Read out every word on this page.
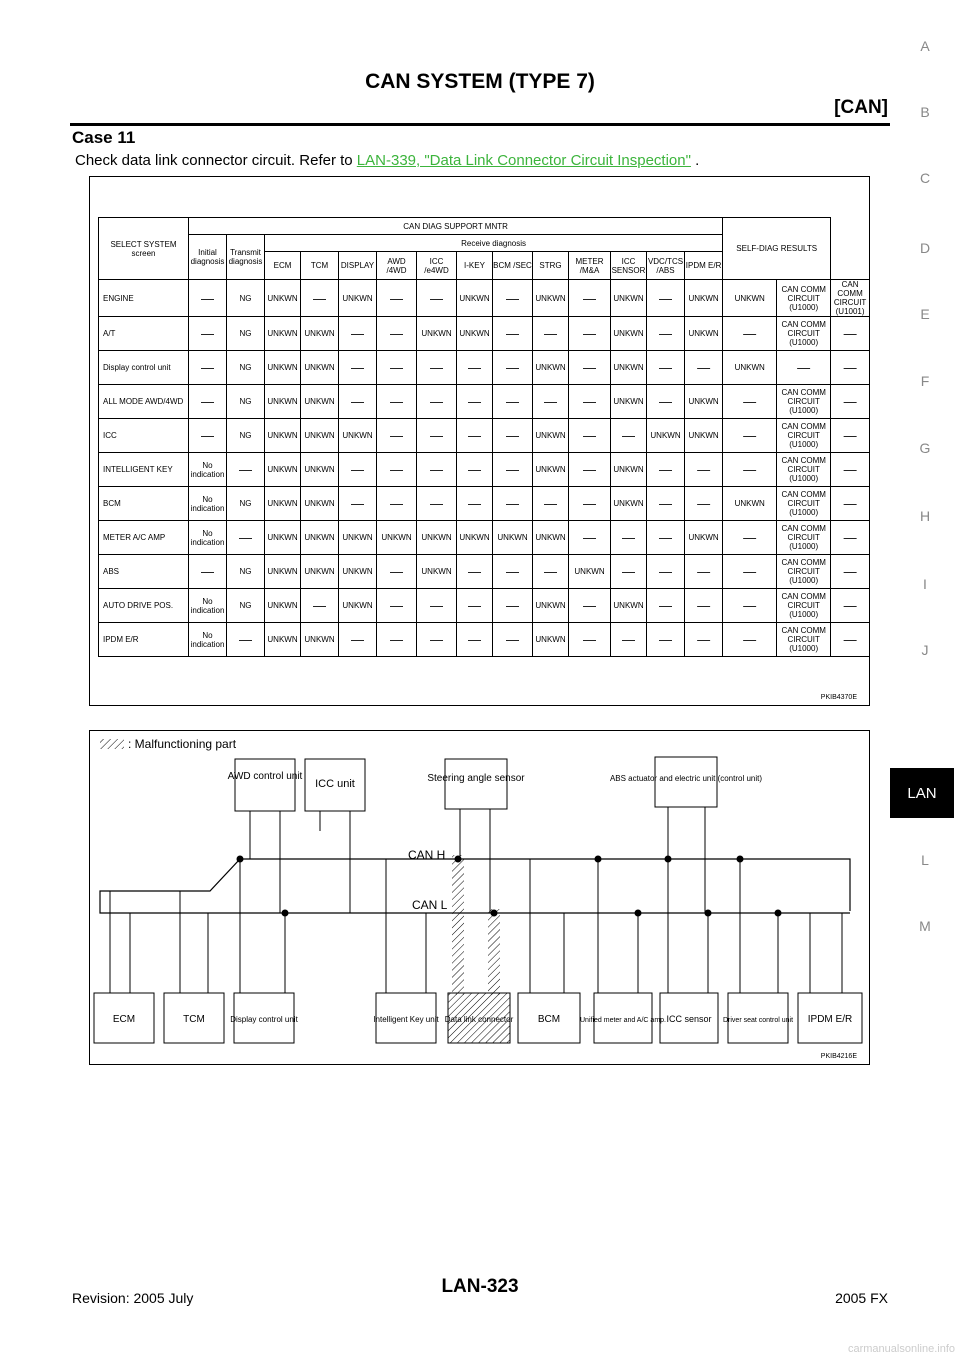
CAN SYSTEM (TYPE 7)
[CAN]
Case 11
Check data link connector circuit. Refer to LAN-339, "Data Link Connector Circuit Inspection" .
A
B
C
D
E
F
G
H
I
J
LAN
L
M
SELECT SYSTEM screen	CAN DIAG SUPPORT MNTR														SELF-DIAG RESULTS		
	Initial diagnosis	Transmit diagnosis	Receive diagnosis														
			ECM	TCM	DISPLAY	AWD /4WD	ICC /e4WD	I-KEY	BCM /SEC	STRG	METER /M&A	ICC SENSOR	VDC/TCS /ABS	IPDM E/R			
ENGINE	—	NG	UNKWN	—	UNKWN	—	—	UNKWN	—	UNKWN	—	UNKWN	—	UNKWN	UNKWN	CAN COMM CIRCUIT (U1000)	CAN COMM CIRCUIT (U1001)
A/T	—	NG	UNKWN	UNKWN	—	—	UNKWN	UNKWN	—	—	—	UNKWN	—	UNKWN	—	CAN COMM CIRCUIT (U1000)	—
Display control unit	—	NG	UNKWN	UNKWN	—	—	—	—	—	UNKWN	—	UNKWN	—	—	UNKWN	—	—
ALL MODE AWD/4WD	—	NG	UNKWN	UNKWN	—	—	—	—	—	—	—	UNKWN	—	UNKWN	—	CAN COMM CIRCUIT (U1000)	—
ICC	—	NG	UNKWN	UNKWN	UNKWN	—	—	—	—	UNKWN	—	—	UNKWN	UNKWN	—	CAN COMM CIRCUIT (U1000)	—
INTELLIGENT KEY	No indication	—	UNKWN	UNKWN	—	—	—	—	—	UNKWN	—	UNKWN	—	—	—	CAN COMM CIRCUIT (U1000)	—
BCM	No indication	NG	UNKWN	UNKWN	—	—	—	—	—	—	—	UNKWN	—	—	UNKWN	CAN COMM CIRCUIT (U1000)	—
METER A/C AMP	No indication	—	UNKWN	UNKWN	UNKWN	UNKWN	UNKWN	UNKWN	UNKWN	UNKWN	—	—	—	UNKWN	—	CAN COMM CIRCUIT (U1000)	—
ABS	—	NG	UNKWN	UNKWN	UNKWN	—	UNKWN	—	—	—	UNKWN	—	—	—	—	CAN COMM CIRCUIT (U1000)	—
AUTO DRIVE POS.	No indication	NG	UNKWN	—	UNKWN	—	—	—	—	UNKWN	—	UNKWN	—	—	—	CAN COMM CIRCUIT (U1000)	—
IPDM E/R	No indication	—	UNKWN	UNKWN	—	—	—	—	—	UNKWN	—	—	—	—	—	CAN COMM CIRCUIT (U1000)	—
PKIB4370E
: Malfunctioning part
CAN H
CAN L
AWD control unit
ICC unit	Steering angle sensor	ABS actuator and electric unit (control unit)
ECM	TCM	Display control unit	Intelligent Key unit Data link connector BCM	Unified meter and A/C amp. ICC sensor Driver seat control unit IPDM E/R
PKIB4216E
Revision: 2005 July
LAN-323
2005 FX
carmanualsonline.info
